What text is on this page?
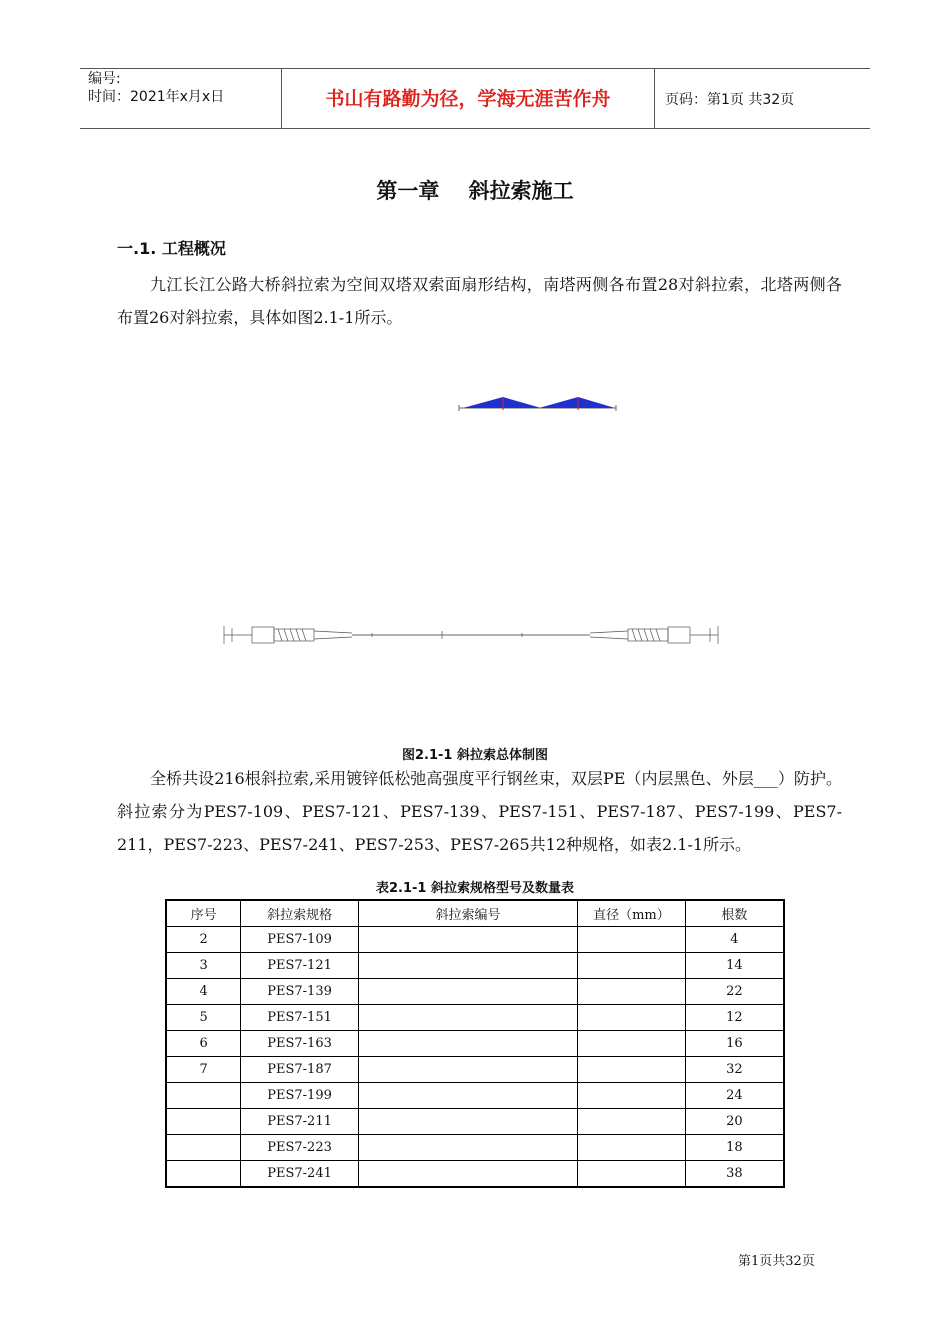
编号:
时间：2021年x月x日	书山有路勤为径，学海无涯苦作舟	页码：第1页 共32页
第一章    斜拉索施工
一.1. 工程概况
九江长江公路大桥斜拉索为空间双塔双索面扇形结构，南塔两侧各布置28对斜拉索，北塔两侧各布置26对斜拉索，具体如图2.1-1所示。
图2.1-1 斜拉索总体制图
全桥共设216根斜拉索,采用镀锌低松弛高强度平行钢丝束，双层PE（内层黑色、外层___）防护。斜拉索分为PES7-109、PES7-121、PES7-139、PES7-151、PES7-187、PES7-199、PES7-211，PES7-223、PES7-241、PES7-253、PES7-265共12种规格，如表2.1-1所示。
表2.1-1 斜拉索规格型号及数量表
序号	斜拉索规格	斜拉索编号	直径（mm）	根数
2	PES7-109			4
3	PES7-121			14
4	PES7-139			22
5	PES7-151			12
6	PES7-163			16
7	PES7-187			32
	PES7-199			24
	PES7-211			20
	PES7-223			18
	PES7-241			38
第1页共32页
